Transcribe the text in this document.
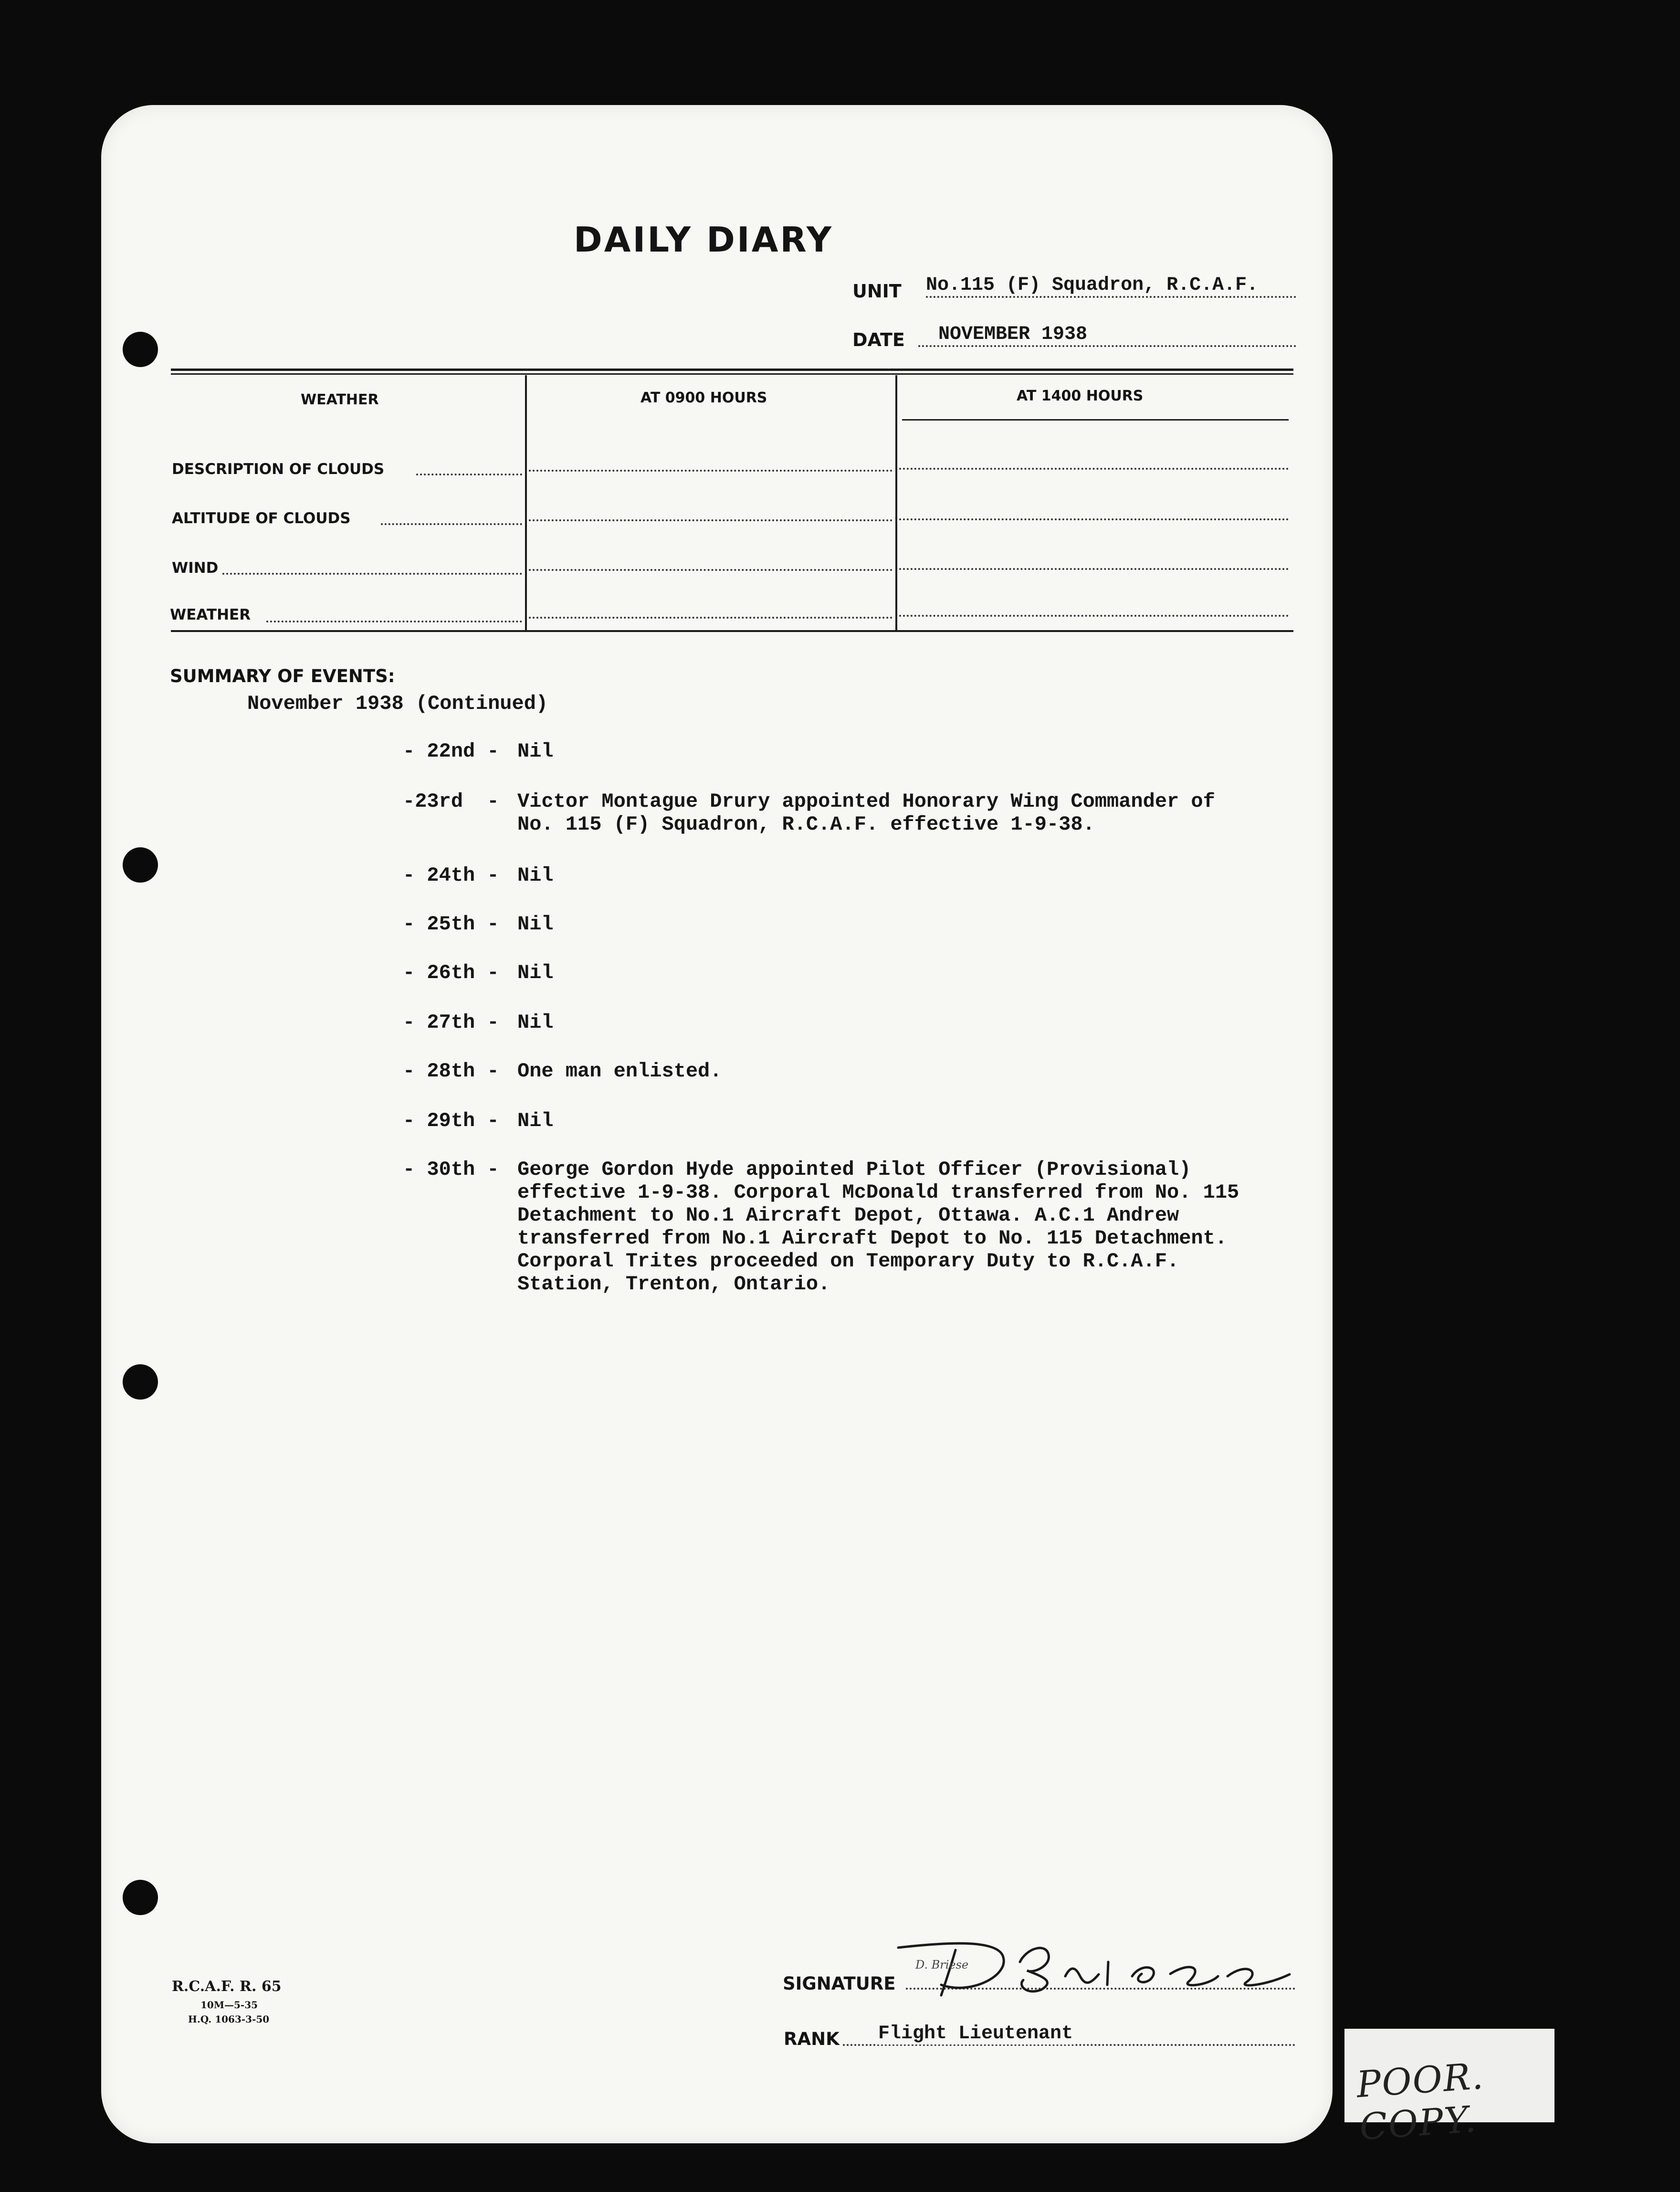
DAILY DIARY
UNIT No.115 (F) Squadron, R.C.A.F.
DATE NOVEMBER 1938
WEATHER	AT 0900 HOURS	AT 1400 HOURS
DESCRIPTION OF CLOUDS
ALTITUDE OF CLOUDS
WIND
WEATHER
SUMMARY OF EVENTS:
November 1938 (Continued)
- 22nd - Nil
-23rd  - Victor Montague Drury appointed Honorary Wing Commander of No. 115 (F) Squadron, R.C.A.F. effective 1-9-38.
- 24th - Nil
- 25th - Nil
- 26th - Nil
- 27th - Nil
- 28th - One man enlisted.
- 29th - Nil
- 30th - George Gordon Hyde appointed Pilot Officer (Provisional) effective 1-9-38. Corporal McDonald transferred from No. 115 Detachment to No.1 Aircraft Depot, Ottawa. A.C.1 Andrew transferred from No.1 Aircraft Depot to No. 115 Detachment. Corporal Trites proceeded on Temporary Duty to R.C.A.F. Station, Trenton, Ontario.
R.C.A.F. R. 65
10M—5-35
H.Q. 1063-3-50
SIGNATURE
D. Briese
RANK Flight Lieutenant
POOR. COPY.
